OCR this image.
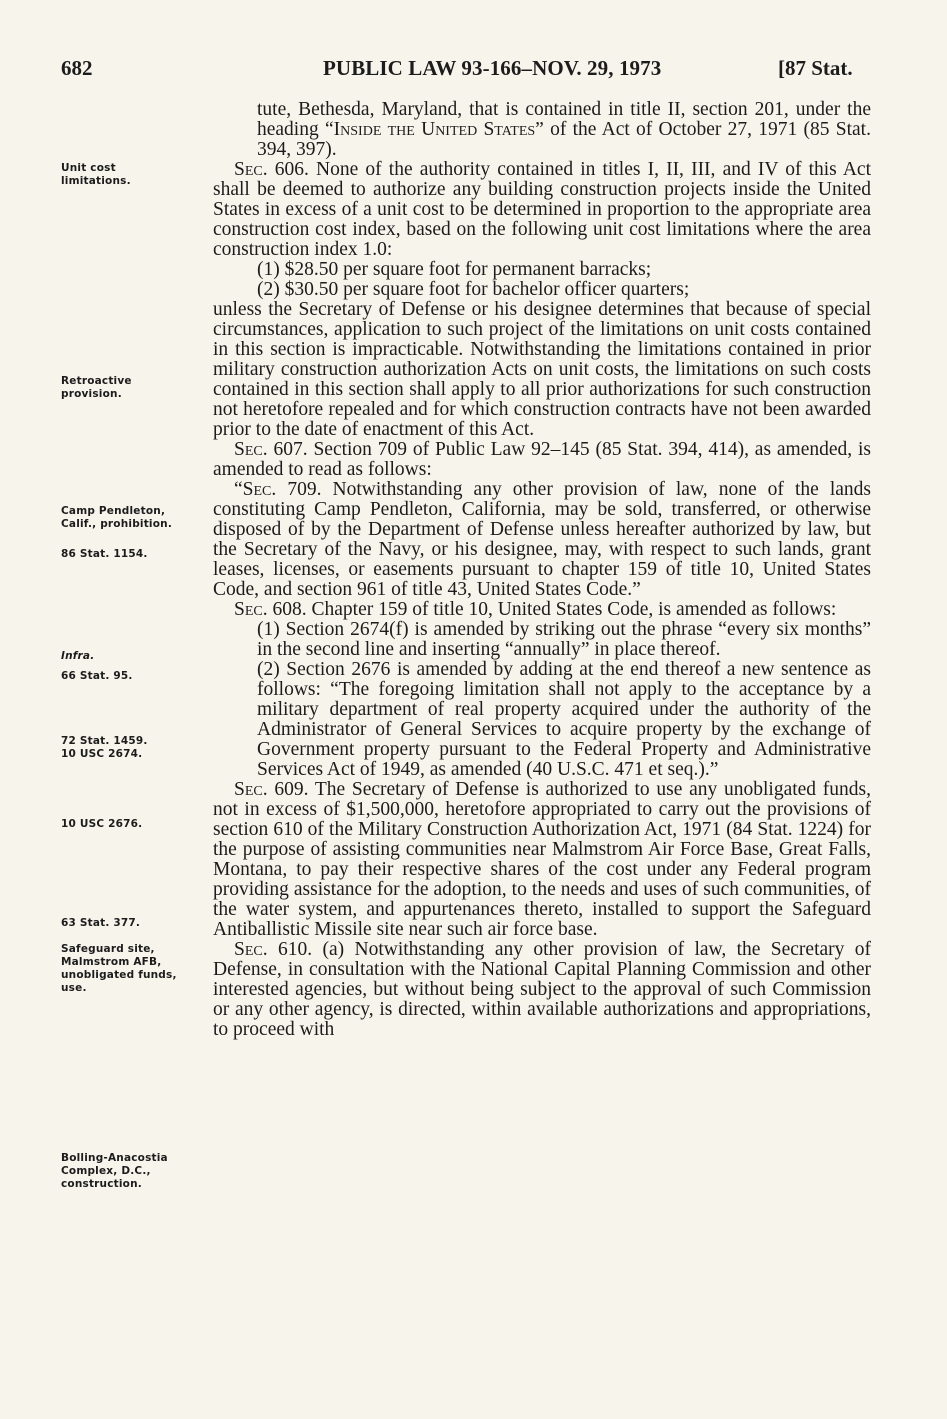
682	PUBLIC LAW 93-166–NOV. 29, 1973	[87 Stat.
Unit cost limitations.
Retroactive provision.
Camp Pendleton, Calif., prohibition.
86 Stat. 1154.
Infra.
66 Stat. 95.
72 Stat. 1459.
10 USC 2674.
10 USC 2676.
63 Stat. 377.
Safeguard site, Malmstrom AFB, unobligated funds, use.
Bolling-Anacostia Complex, D.C., construction.

tute, Bethesda, Maryland, that is contained in title II, section 201, under the heading “Inside the United States” of the Act of October 27, 1971 (85 Stat. 394, 397).

Sec. 606. None of the authority contained in titles I, II, III, and IV of this Act shall be deemed to authorize any building construction projects inside the United States in excess of a unit cost to be determined in proportion to the appropriate area construction cost index, based on the following unit cost limitations where the area construction index 1.0:

(1) $28.50 per square foot for permanent barracks;

(2) $30.50 per square foot for bachelor officer quarters;

unless the Secretary of Defense or his designee determines that because of special circumstances, application to such project of the limitations on unit costs contained in this section is impracticable. Notwithstanding the limitations contained in prior military construction authorization Acts on unit costs, the limitations on such costs contained in this section shall apply to all prior authorizations for such construction not heretofore repealed and for which construction contracts have not been awarded prior to the date of enactment of this Act.

Sec. 607. Section 709 of Public Law 92–145 (85 Stat. 394, 414), as amended, is amended to read as follows:

“Sec. 709. Notwithstanding any other provision of law, none of the lands constituting Camp Pendleton, California, may be sold, transferred, or otherwise disposed of by the Department of Defense unless hereafter authorized by law, but the Secretary of the Navy, or his designee, may, with respect to such lands, grant leases, licenses, or easements pursuant to chapter 159 of title 10, United States Code, and section 961 of title 43, United States Code.”

Sec. 608. Chapter 159 of title 10, United States Code, is amended as follows:

(1) Section 2674(f) is amended by striking out the phrase “every six months” in the second line and inserting “annually” in place thereof.

(2) Section 2676 is amended by adding at the end thereof a new sentence as follows: “The foregoing limitation shall not apply to the acceptance by a military department of real property acquired under the authority of the Administrator of General Services to acquire property by the exchange of Government property pursuant to the Federal Property and Administrative Services Act of 1949, as amended (40 U.S.C. 471 et seq.).”

Sec. 609. The Secretary of Defense is authorized to use any unobligated funds, not in excess of $1,500,000, heretofore appropriated to carry out the provisions of section 610 of the Military Construction Authorization Act, 1971 (84 Stat. 1224) for the purpose of assisting communities near Malmstrom Air Force Base, Great Falls, Montana, to pay their respective shares of the cost under any Federal program providing assistance for the adoption, to the needs and uses of such communities, of the water system, and appurtenances thereto, installed to support the Safeguard Antiballistic Missile site near such air force base.

Sec. 610. (a) Notwithstanding any other provision of law, the Secretary of Defense, in consultation with the National Capital Planning Commission and other interested agencies, but without being subject to the approval of such Commission or any other agency, is directed, within available authorizations and appropriations, to proceed with
